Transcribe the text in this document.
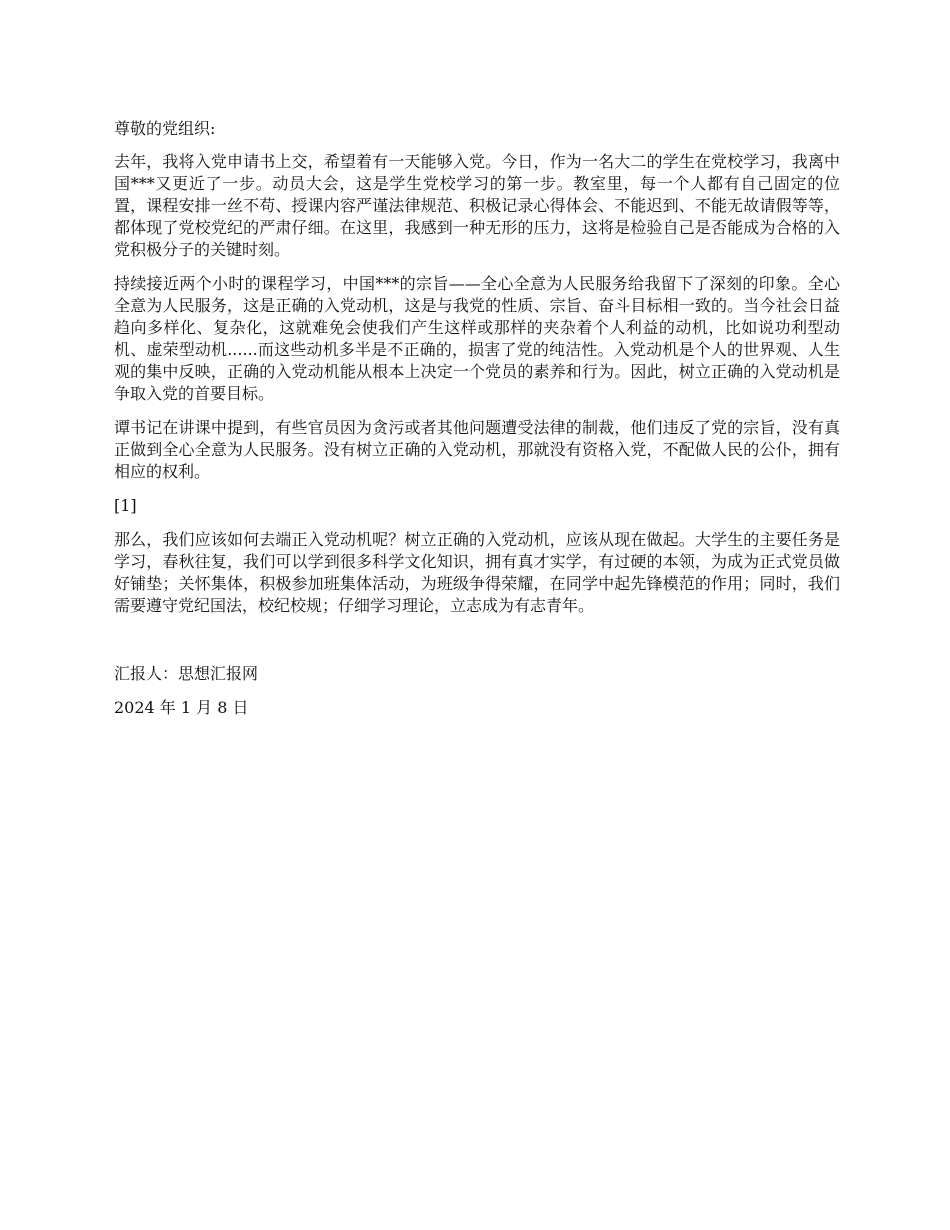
尊敬的党组织:

去年，我将入党申请书上交，希望着有一天能够入党。今日，作为一名大二的学生在党校学习，我离中国***又更近了一步。动员大会，这是学生党校学习的第一步。教室里，每一个人都有自己固定的位置，课程安排一丝不苟、授课内容严谨法律规范、积极记录心得体会、不能迟到、不能无故请假等等，都体现了党校党纪的严肃仔细。在这里，我感到一种无形的压力，这将是检验自己是否能成为合格的入党积极分子的关键时刻。

持续接近两个小时的课程学习，中国***的宗旨——全心全意为人民服务给我留下了深刻的印象。全心全意为人民服务，这是正确的入党动机，这是与我党的性质、宗旨、奋斗目标相一致的。当今社会日益趋向多样化、复杂化，这就难免会使我们产生这样或那样的夹杂着个人利益的动机，比如说功利型动机、虚荣型动机......而这些动机多半是不正确的，损害了党的纯洁性。入党动机是个人的世界观、人生观的集中反映，正确的入党动机能从根本上决定一个党员的素养和行为。因此，树立正确的入党动机是争取入党的首要目标。

谭书记在讲课中提到，有些官员因为贪污或者其他问题遭受法律的制裁，他们违反了党的宗旨，没有真正做到全心全意为人民服务。没有树立正确的入党动机，那就没有资格入党，不配做人民的公仆，拥有相应的权利。

[1]

那么，我们应该如何去端正入党动机呢？树立正确的入党动机，应该从现在做起。大学生的主要任务是学习，春秋往复，我们可以学到很多科学文化知识，拥有真才实学，有过硬的本领，为成为正式党员做好铺垫；关怀集体，积极参加班集体活动，为班级争得荣耀，在同学中起先锋模范的作用；同时，我们需要遵守党纪国法，校纪校规；仔细学习理论，立志成为有志青年。

汇报人：思想汇报网

2024 年 1 月 8 日
